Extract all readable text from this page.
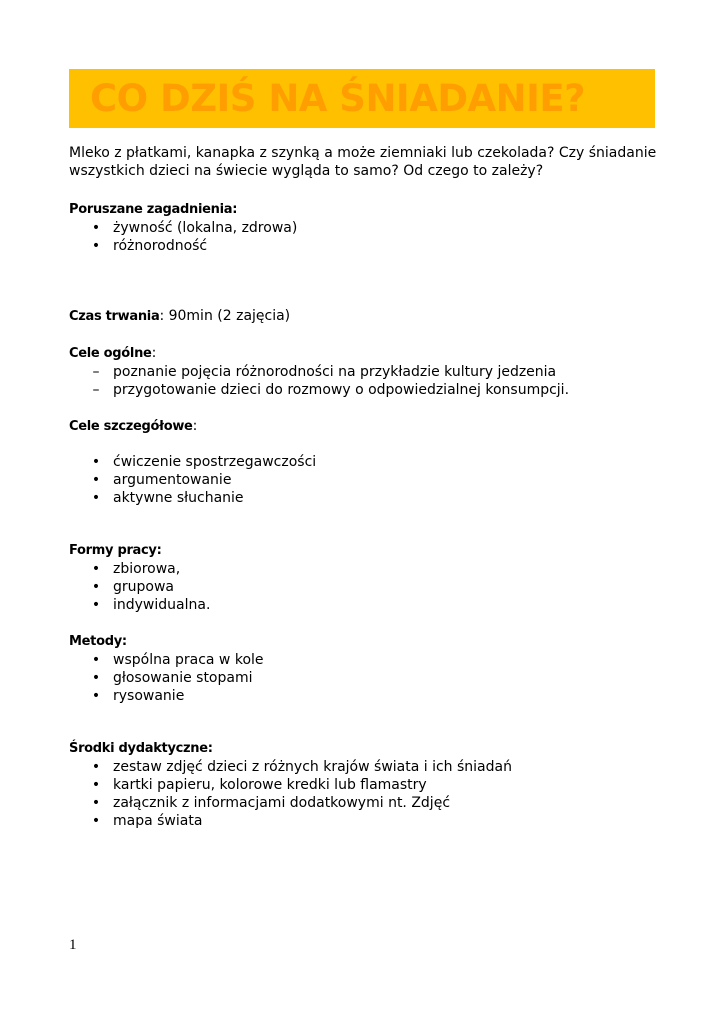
CO DZIŚ NA ŚNIADANIE?

Mleko z płatkami, kanapka z szynką a może ziemniaki lub czekolada? Czy śniadanie wszystkich dzieci na świecie wygląda to samo? Od czego to zależy?

Poruszane zagadnienia:
• żywność (lokalna, zdrowa)
• różnorodność
Czas trwania: 90min (2 zajęcia)
Cele ogólne:
– poznanie pojęcia różnorodności na przykładzie kultury jedzenia
– przygotowanie dzieci do rozmowy o odpowiedzialnej konsumpcji.
Cele szczegółowe:
• ćwiczenie spostrzegawczości
• argumentowanie
• aktywne słuchanie
Formy pracy:
• zbiorowa,
• grupowa
• indywidualna.
Metody:
• wspólna praca w kole
• głosowanie stopami
• rysowanie
Środki dydaktyczne:
• zestaw zdjęć dzieci z różnych krajów świata i ich śniadań
• kartki papieru, kolorowe kredki lub flamastry
• załącznik z informacjami dodatkowymi nt. Zdjęć
• mapa świata
1
